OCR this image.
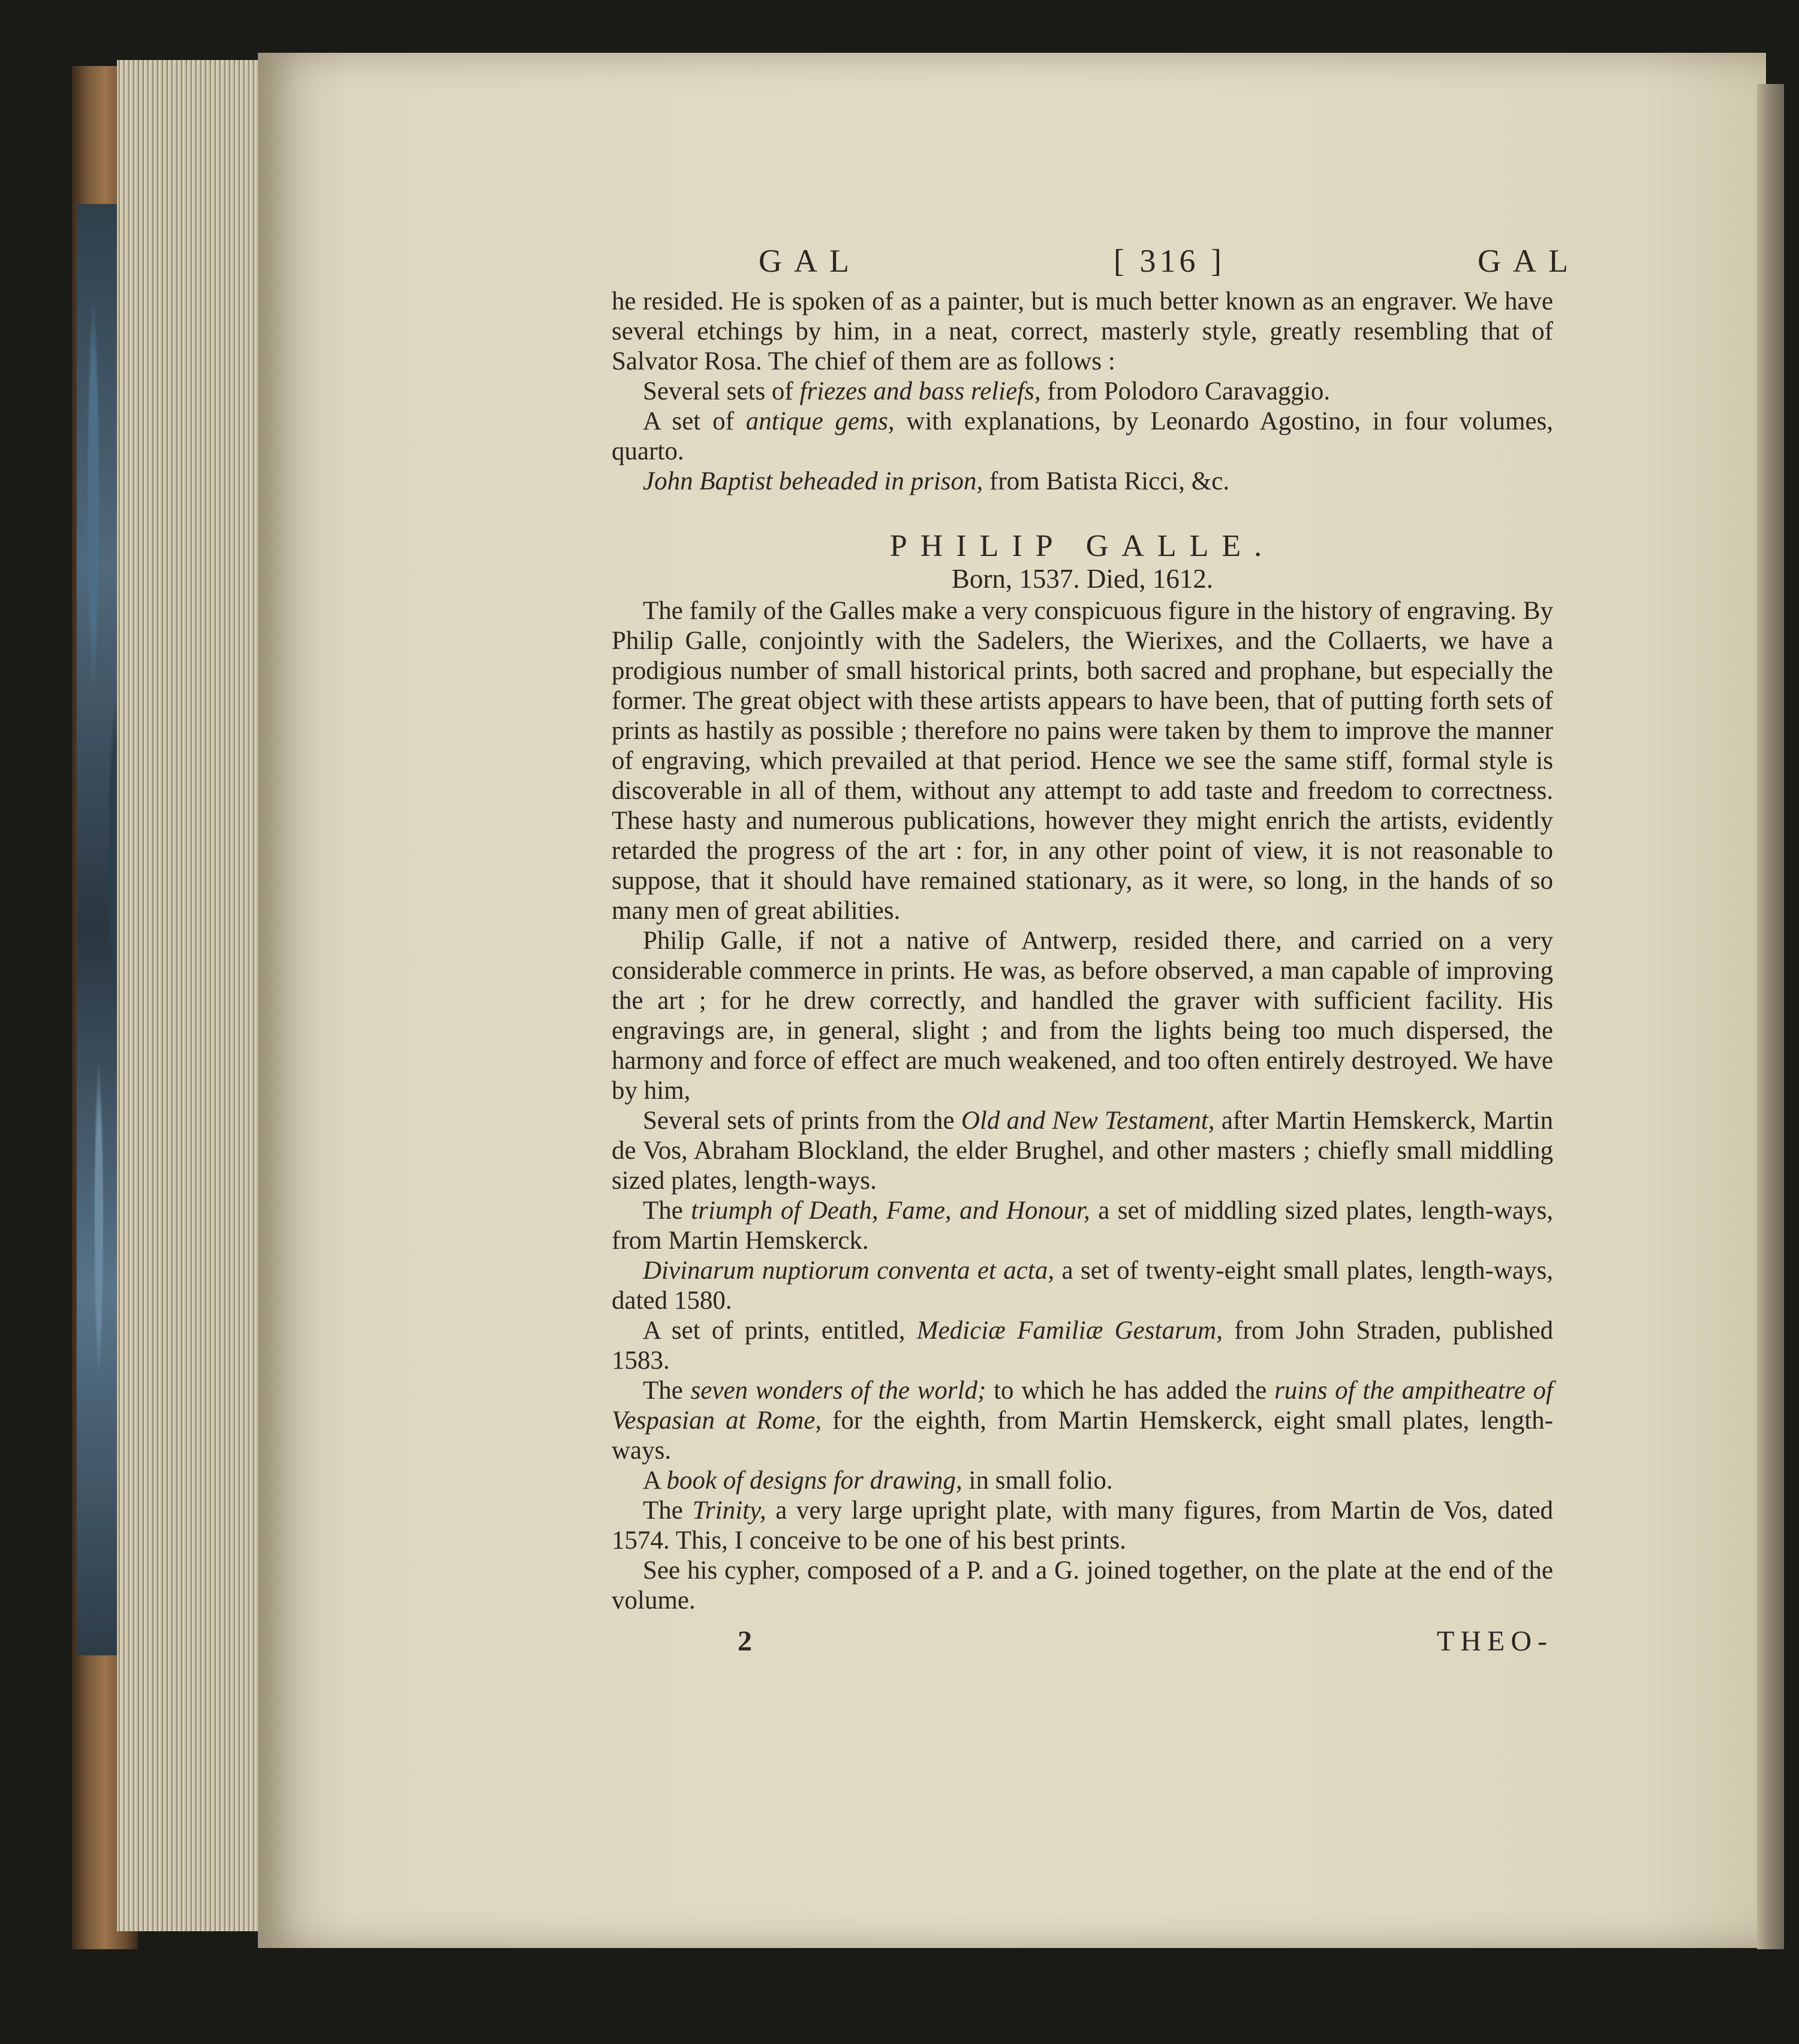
GAL	[ 316 ]	GAL

he resided. He is spoken of as a painter, but is much better known as an engraver. We have several etchings by him, in a neat, correct, masterly style, greatly resembling that of Salvator Rosa. The chief of them are as follows :

Several sets of friezes and bass reliefs, from Polodoro Caravaggio.

A set of antique gems, with explanations, by Leonardo Agostino, in four volumes, quarto.

John Baptist beheaded in prison, from Batista Ricci, &c.

PHILIP GALLE.
Born, 1537. Died, 1612.

The family of the Galles make a very conspicuous figure in the history of engraving. By Philip Galle, conjointly with the Sadelers, the Wierixes, and the Collaerts, we have a prodigious number of small historical prints, both sacred and prophane, but especially the former. The great object with these artists appears to have been, that of putting forth sets of prints as hastily as possible ; therefore no pains were taken by them to improve the manner of engraving, which prevailed at that period. Hence we see the same stiff, formal style is discoverable in all of them, without any attempt to add taste and freedom to correctness. These hasty and numerous publications, however they might enrich the artists, evidently retarded the progress of the art : for, in any other point of view, it is not reasonable to suppose, that it should have remained stationary, as it were, so long, in the hands of so many men of great abilities.

Philip Galle, if not a native of Antwerp, resided there, and carried on a very considerable commerce in prints. He was, as before observed, a man capable of improving the art ; for he drew correctly, and handled the graver with sufficient facility. His engravings are, in general, slight ; and from the lights being too much dispersed, the harmony and force of effect are much weakened, and too often entirely destroyed. We have by him,

Several sets of prints from the Old and New Testament, after Martin Hemskerck, Martin de Vos, Abraham Blockland, the elder Brughel, and other masters ; chiefly small middling sized plates, length-ways.

The triumph of Death, Fame, and Honour, a set of middling sized plates, length-ways, from Martin Hemskerck.

Divinarum nuptiorum conventa et acta, a set of twenty-eight small plates, length-ways, dated 1580.

A set of prints, entitled, Mediciæ Familiæ Gestarum, from John Straden, published 1583.

The seven wonders of the world; to which he has added the ruins of the ampitheatre of Vespasian at Rome, for the eighth, from Martin Hemskerck, eight small plates, length-ways.

A book of designs for drawing, in small folio.

The Trinity, a very large upright plate, with many figures, from Martin de Vos, dated 1574. This, I conceive to be one of his best prints.

See his cypher, composed of a P. and a G. joined together, on the plate at the end of the volume.

2	THEO-
